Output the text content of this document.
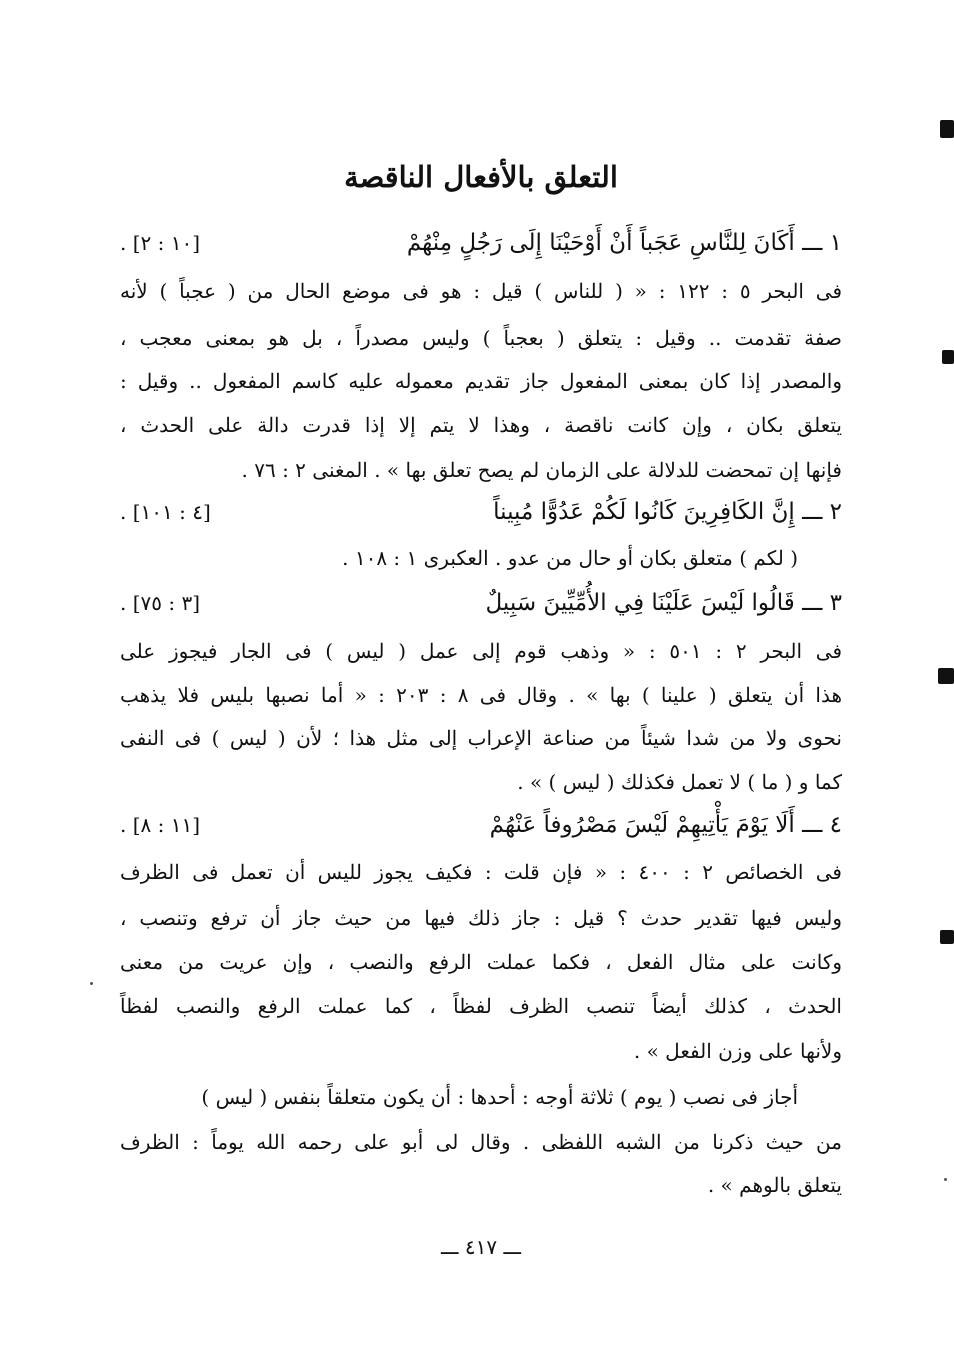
التعلق بالأفعال الناقصة
١ ـــ أَكَانَ لِلنَّاسِ عَجَباً أَنْ أَوْحَيْنَا إِلَى رَجُلٍ مِنْهُمْ
[١٠ : ٢] .
فى البحر ٥ : ١٢٢ : « ( للناس ) قيل : هو فى موضع الحال من ( عجباً ) لأنه
صفة تقدمت .. وقيل : يتعلق ( بعجباً ) وليس مصدراً ، بل هو بمعنى معجب ،
والمصدر إذا كان بمعنى المفعول جاز تقديم معموله عليه كاسم المفعول .. وقيل :
يتعلق بكان ، وإن كانت ناقصة ، وهذا لا يتم إلا إذا قدرت دالة على الحدث ،
فإنها إن تمحضت للدلالة على الزمان لم يصح تعلق بها » . المغنى ٢ : ٧٦ .
٢ ـــ إِنَّ الكَافِرِينَ كَانُوا لَكُمْ عَدُوًّا مُبِيناً
[٤ : ١٠١] .
( لكم ) متعلق بكان أو حال من عدو . العكبرى ١ : ١٠٨ .
٣ ـــ قَالُوا لَيْسَ عَلَيْنَا فِي الأُمِّيِّينَ سَبِيلٌ
[٣ : ٧٥] .
فى البحر ٢ : ٥٠١ : « وذهب قوم إلى عمل ( ليس ) فى الجار فيجوز على
هذا أن يتعلق ( علينا ) بها » . وقال فى ٨ : ٢٠٣ : « أما نصبها بليس فلا يذهب
نحوى ولا من شدا شيئاً من صناعة الإعراب إلى مثل هذا ؛ لأن ( ليس ) فى النفى
كما و ( ما ) لا تعمل فكذلك ( ليس ) » .
٤ ـــ أَلَا يَوْمَ يَأْتِيهِمْ لَيْسَ مَصْرُوفاً عَنْهُمْ
[١١ : ٨] .
فى الخصائص ٢ : ٤٠٠ : « فإن قلت : فكيف يجوز لليس أن تعمل فى الظرف
وليس فيها تقدير حدث ؟ قيل : جاز ذلك فيها من حيث جاز أن ترفع وتنصب ،
وكانت على مثال الفعل ، فكما عملت الرفع والنصب ، وإن عريت من معنى
الحدث ، كذلك أيضاً تنصب الظرف لفظاً ، كما عملت الرفع والنصب لفظاً
ولأنها على وزن الفعل » .
أجاز فى نصب ( يوم ) ثلاثة أوجه : أحدها : أن يكون متعلقاً بنفس ( ليس )
من حيث ذكرنا من الشبه اللفظى . وقال لى أبو على رحمه الله يوماً : الظرف
يتعلق بالوهم » .
ـــ ٤١٧ ـــ
